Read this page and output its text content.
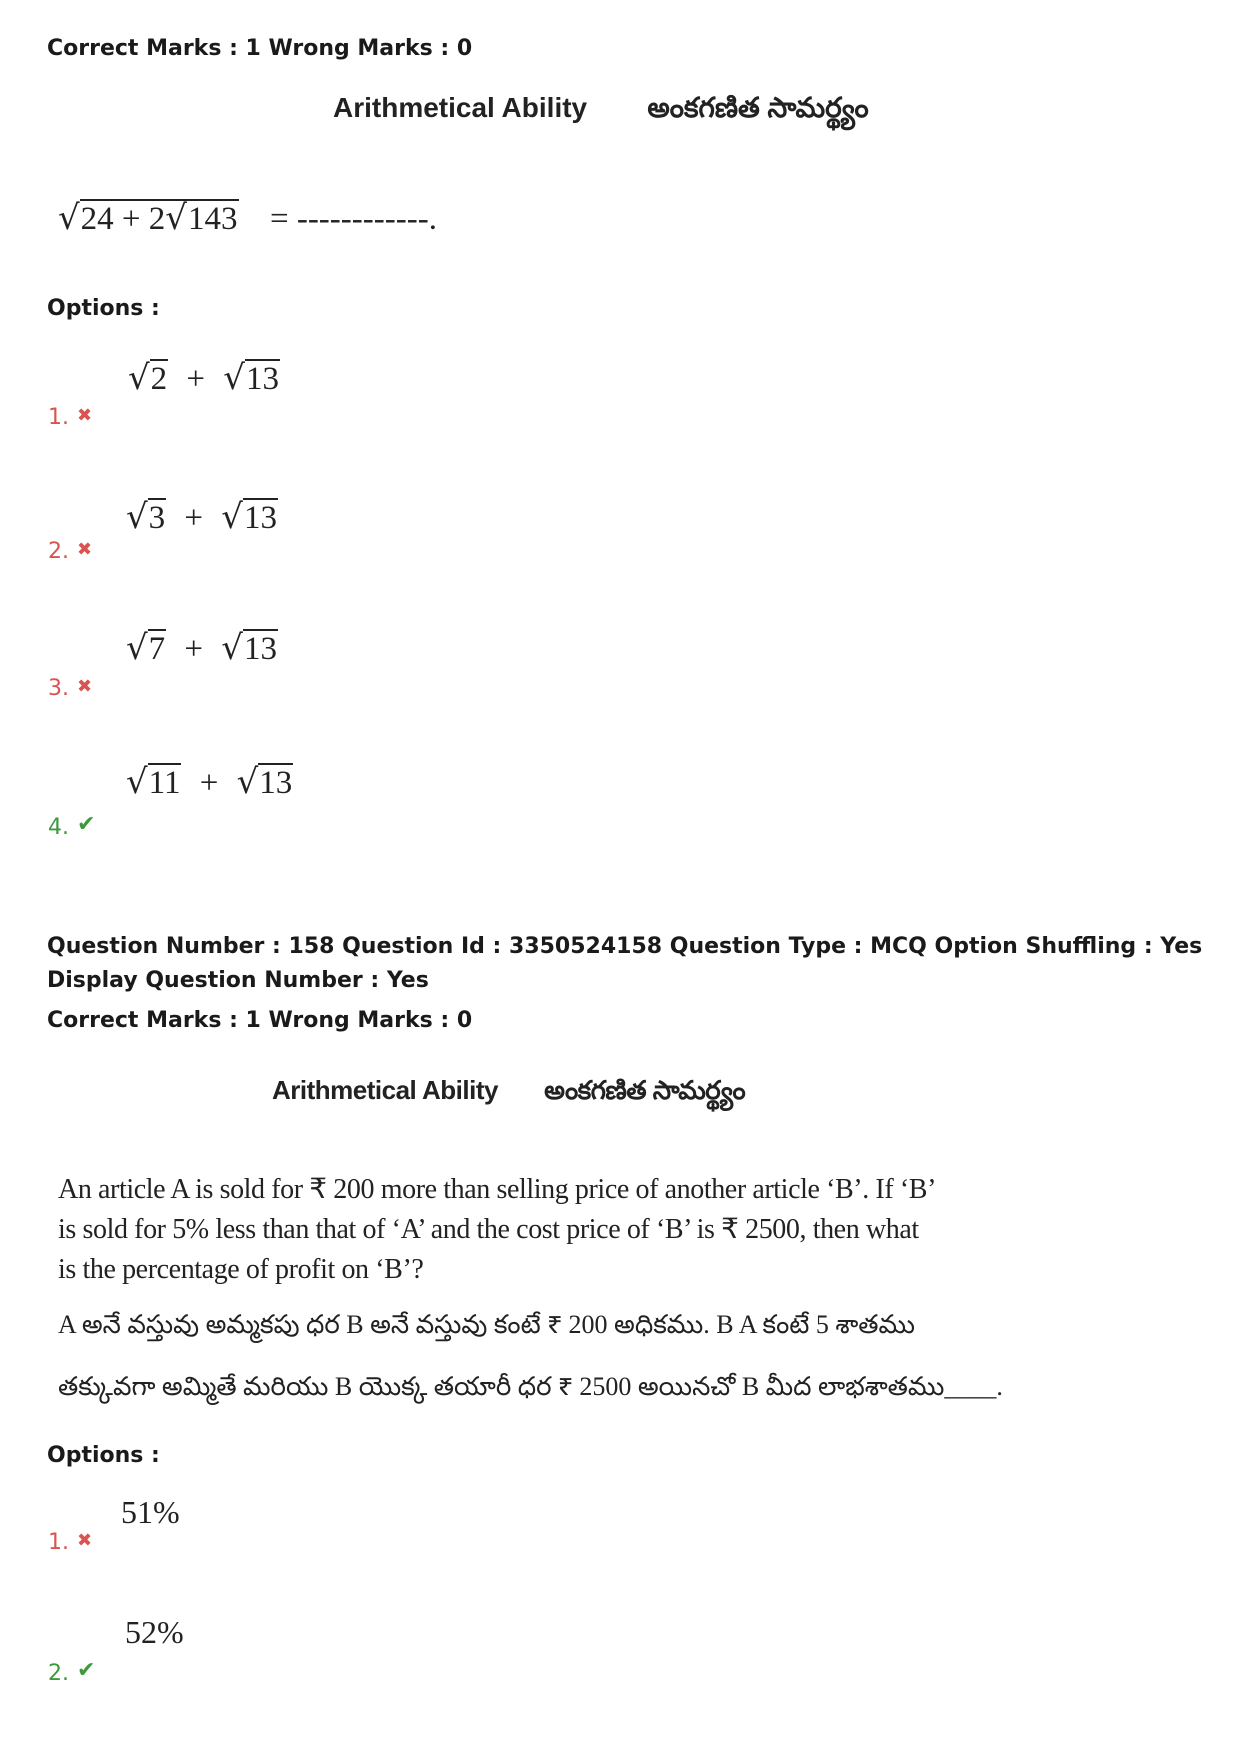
Correct Marks : 1 Wrong Marks : 0
Arithmetical Ability అంకగణిత సామర్థ్యం
√24 + 2√143 = ------------.
Options :
√2 + √13
1. ✖
√3 + √13
2. ✖
√7 + √13
3. ✖
√11 + √13
4. ✔
Question Number : 158 Question Id : 3350524158 Question Type : MCQ Option Shuffling : Yes
Display Question Number : Yes
Correct Marks : 1 Wrong Marks : 0
Arithmetical Ability అంకగణిత సామర్థ్యం
An article A is sold for ₹ 200 more than selling price of another article ‘B’. If ‘B’ is sold for 5% less than that of ‘A’ and the cost price of ‘B’ is ₹ 2500, then what is the percentage of profit on ‘B’?
A అనే వస్తువు అమ్మకపు ధర B అనే వస్తువు కంటే ₹ 200 అధికము. B A కంటే 5 శాతము
తక్కువగా అమ్మితే మరియు B యొక్క తయారీ ధర ₹ 2500 అయినచో B మీద లాభశాతము____.
Options :
51%
1. ✖
52%
2. ✔
